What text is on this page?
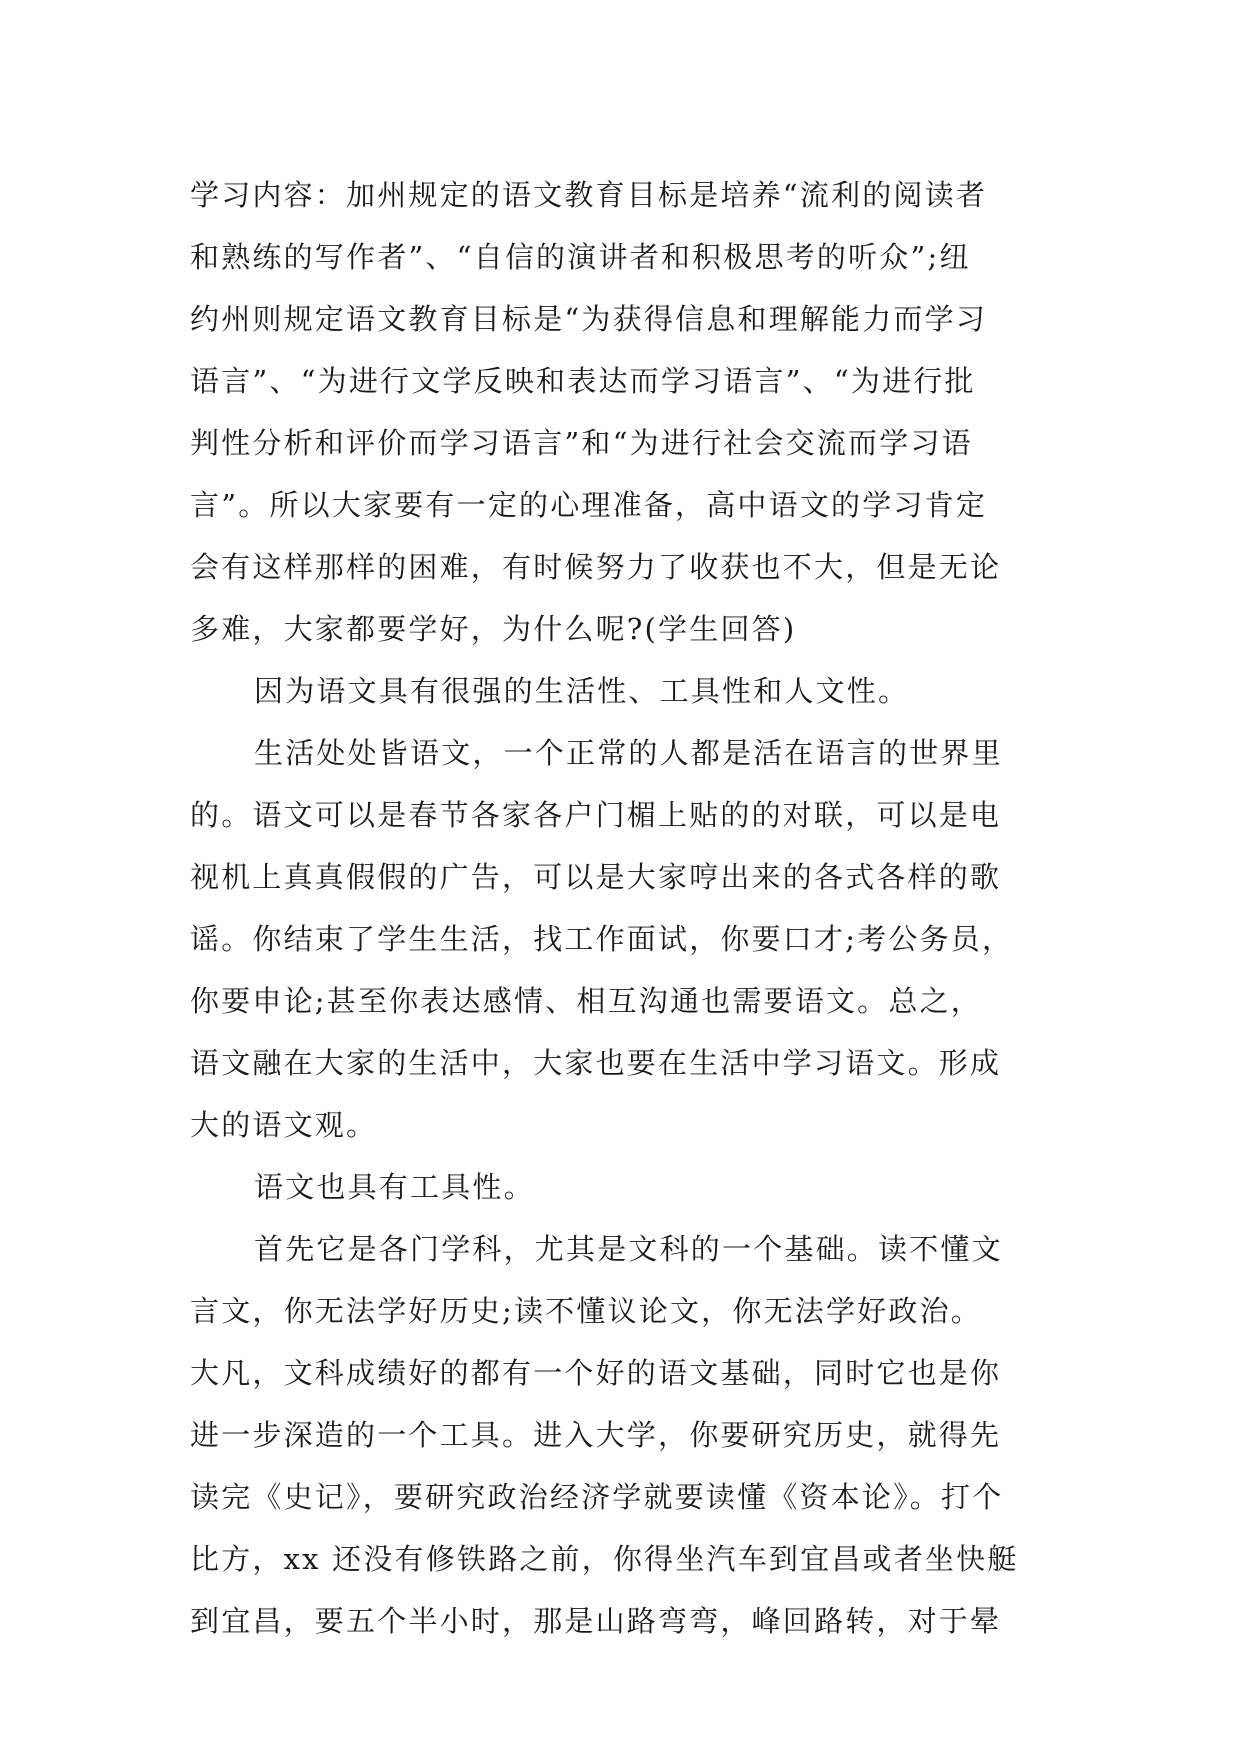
学习内容：加州规定的语文教育目标是培养“流利的阅读者
和熟练的写作者”、“自信的演讲者和积极思考的听众”;纽
约州则规定语文教育目标是“为获得信息和理解能力而学习
语言”、“为进行文学反映和表达而学习语言”、“为进行批
判性分析和评价而学习语言”和“为进行社会交流而学习语
言”。所以大家要有一定的心理准备，高中语文的学习肯定
会有这样那样的困难，有时候努力了收获也不大，但是无论
多难，大家都要学好，为什么呢?(学生回答)
因为语文具有很强的生活性、工具性和人文性。
生活处处皆语文，一个正常的人都是活在语言的世界里
的。语文可以是春节各家各户门楣上贴的的对联，可以是电
视机上真真假假的广告，可以是大家哼出来的各式各样的歌
谣。你结束了学生生活，找工作面试，你要口才;考公务员，
你要申论;甚至你表达感情、相互沟通也需要语文。总之，
语文融在大家的生活中，大家也要在生活中学习语文。形成
大的语文观。
语文也具有工具性。
首先它是各门学科，尤其是文科的一个基础。读不懂文
言文，你无法学好历史;读不懂议论文，你无法学好政治。
大凡，文科成绩好的都有一个好的语文基础，同时它也是你
进一步深造的一个工具。进入大学，你要研究历史，就得先
读完《史记》，要研究政治经济学就要读懂《资本论》。打个
比方，xx 还没有修铁路之前，你得坐汽车到宜昌或者坐快艇
到宜昌，要五个半小时，那是山路弯弯，峰回路转，对于晕
